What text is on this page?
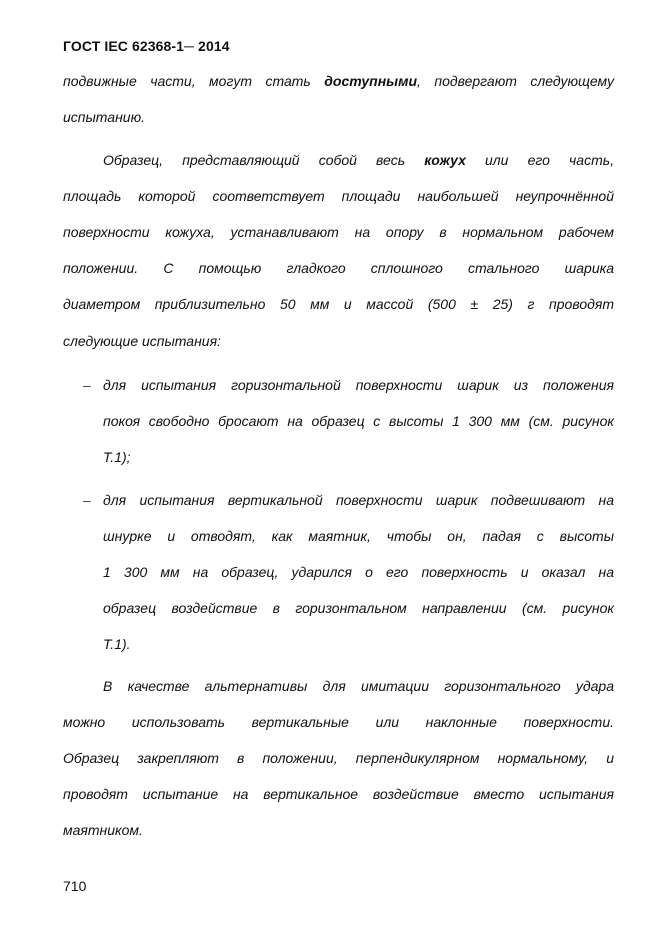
ГОСТ IEC 62368-1─ 2014
подвижные части, могут стать доступными, подвергают следующему
испытанию.
Образец, представляющий собой весь кожух или его часть,
площадь которой соответствует площади наибольшей неупрочнённой
поверхности кожуха, устанавливают на опору в нормальном рабочем
положении. С помощью гладкого сплошного стального шарика
диаметром приблизительно 50 мм и массой (500 ± 25) г проводят
следующие испытания:
– для испытания горизонтальной поверхности шарик из положения
покоя свободно бросают на образец с высоты 1 300 мм (см. рисунок
Т.1);
– для испытания вертикальной поверхности шарик подвешивают на
шнурке и отводят, как маятник, чтобы он, падая с высоты
1 300 мм на образец, ударился о его поверхность и оказал на
образец воздействие в горизонтальном направлении (см. рисунок
Т.1).
В качестве альтернативы для имитации горизонтального удара
можно использовать вертикальные или наклонные поверхности.
Образец закрепляют в положении, перпендикулярном нормальному, и
проводят испытание на вертикальное воздействие вместо испытания
маятником.
710
